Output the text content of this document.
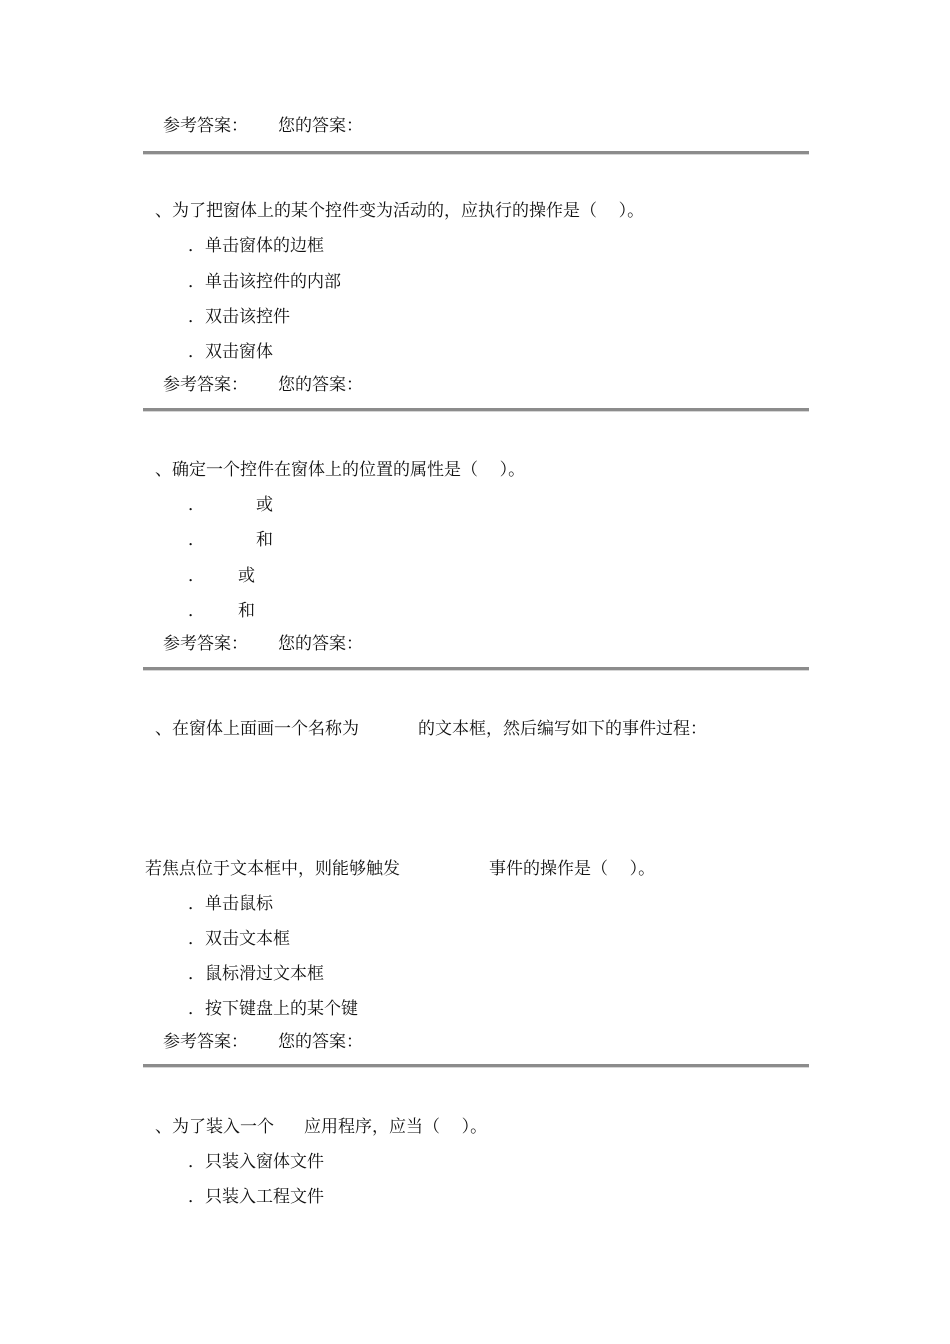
参考答案： 您的答案：
、为了把窗体上的某个控件变为活动的，应执行的操作是（    ）。
．单击窗体的边框
．单击该控件的内部
．双击该控件
．双击窗体
参考答案： 您的答案：
、确定一个控件在窗体上的位置的属性是（    ）。
．	或
．	和
． 或
． 和
参考答案： 您的答案：
、在窗体上面画一个名称为	的文本框，然后编写如下的事件过程：
若焦点位于文本框中，则能够触发	事件的操作是（    ）。
．单击鼠标
．双击文本框
．鼠标滑过文本框
．按下键盘上的某个键
参考答案： 您的答案：
、为了装入一个 应用程序，应当（    ）。
．只装入窗体文件
．只装入工程文件
